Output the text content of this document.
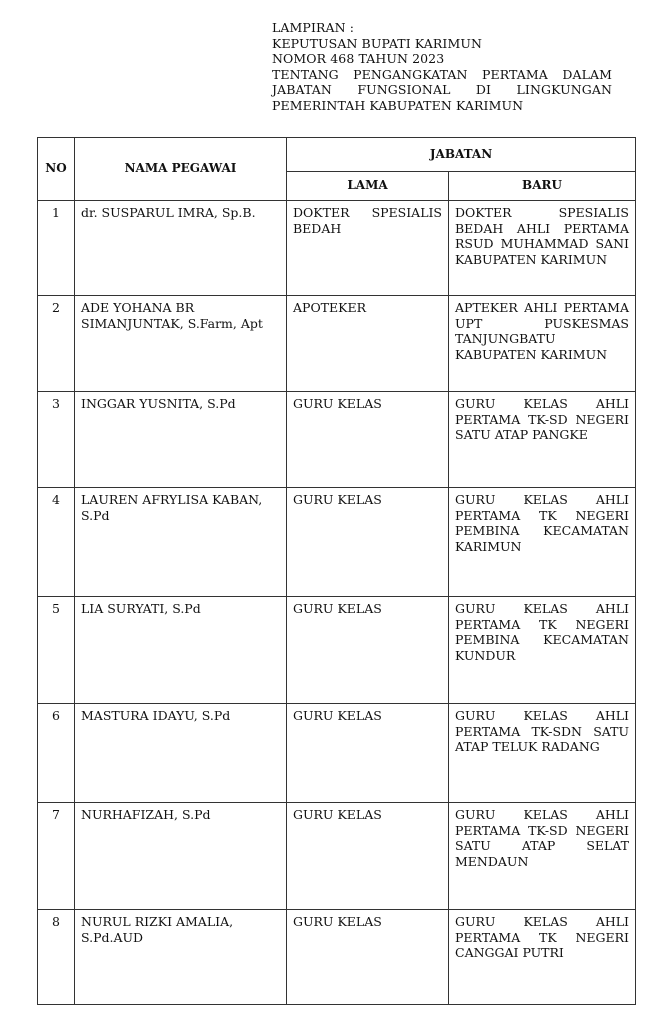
LAMPIRAN :
KEPUTUSAN BUPATI KARIMUN
NOMOR 468 TAHUN 2023
TENTANG PENGANGKATAN PERTAMA DALAM
JABATAN FUNGSIONAL DI LINGKUNGAN
PEMERINTAH KABUPATEN KARIMUN
NO	NAMA PEGAWAI	JABATAN	
		LAMA	BARU

1	dr. SUSPARUL IMRA, Sp.B.	DOKTER SPESIALIS
BEDAH	DOKTER SPESIALIS
BEDAH AHLI PERTAMA
RSUD MUHAMMAD SANI
KABUPATEN KARIMUN

2	ADE YOHANA BR SIMANJUNTAK, S.Farm, Apt	APOTEKER	APTEKER AHLI PERTAMA
UPT PUSKESMAS
TANJUNGBATU
KABUPATEN KARIMUN

3	INGGAR YUSNITA, S.Pd	GURU KELAS	GURU KELAS AHLI
PERTAMA TK-SD NEGERI
SATU ATAP PANGKE

4	LAUREN AFRYLISA KABAN, S.Pd	GURU KELAS	GURU KELAS AHLI
PERTAMA TK NEGERI
PEMBINA KECAMATAN
KARIMUN

5	LIA SURYATI, S.Pd	GURU KELAS	GURU KELAS AHLI
PERTAMA TK NEGERI
PEMBINA KECAMATAN
KUNDUR

6	MASTURA IDAYU, S.Pd	GURU KELAS	GURU KELAS AHLI
PERTAMA TK-SDN SATU
ATAP TELUK RADANG

7	NURHAFIZAH, S.Pd	GURU KELAS	GURU KELAS AHLI
PERTAMA TK-SD NEGERI
SATU ATAP SELAT
MENDAUN

8	NURUL RIZKI AMALIA, S.Pd.AUD	GURU KELAS	GURU KELAS AHLI
PERTAMA TK NEGERI
CANGGAI PUTRI
